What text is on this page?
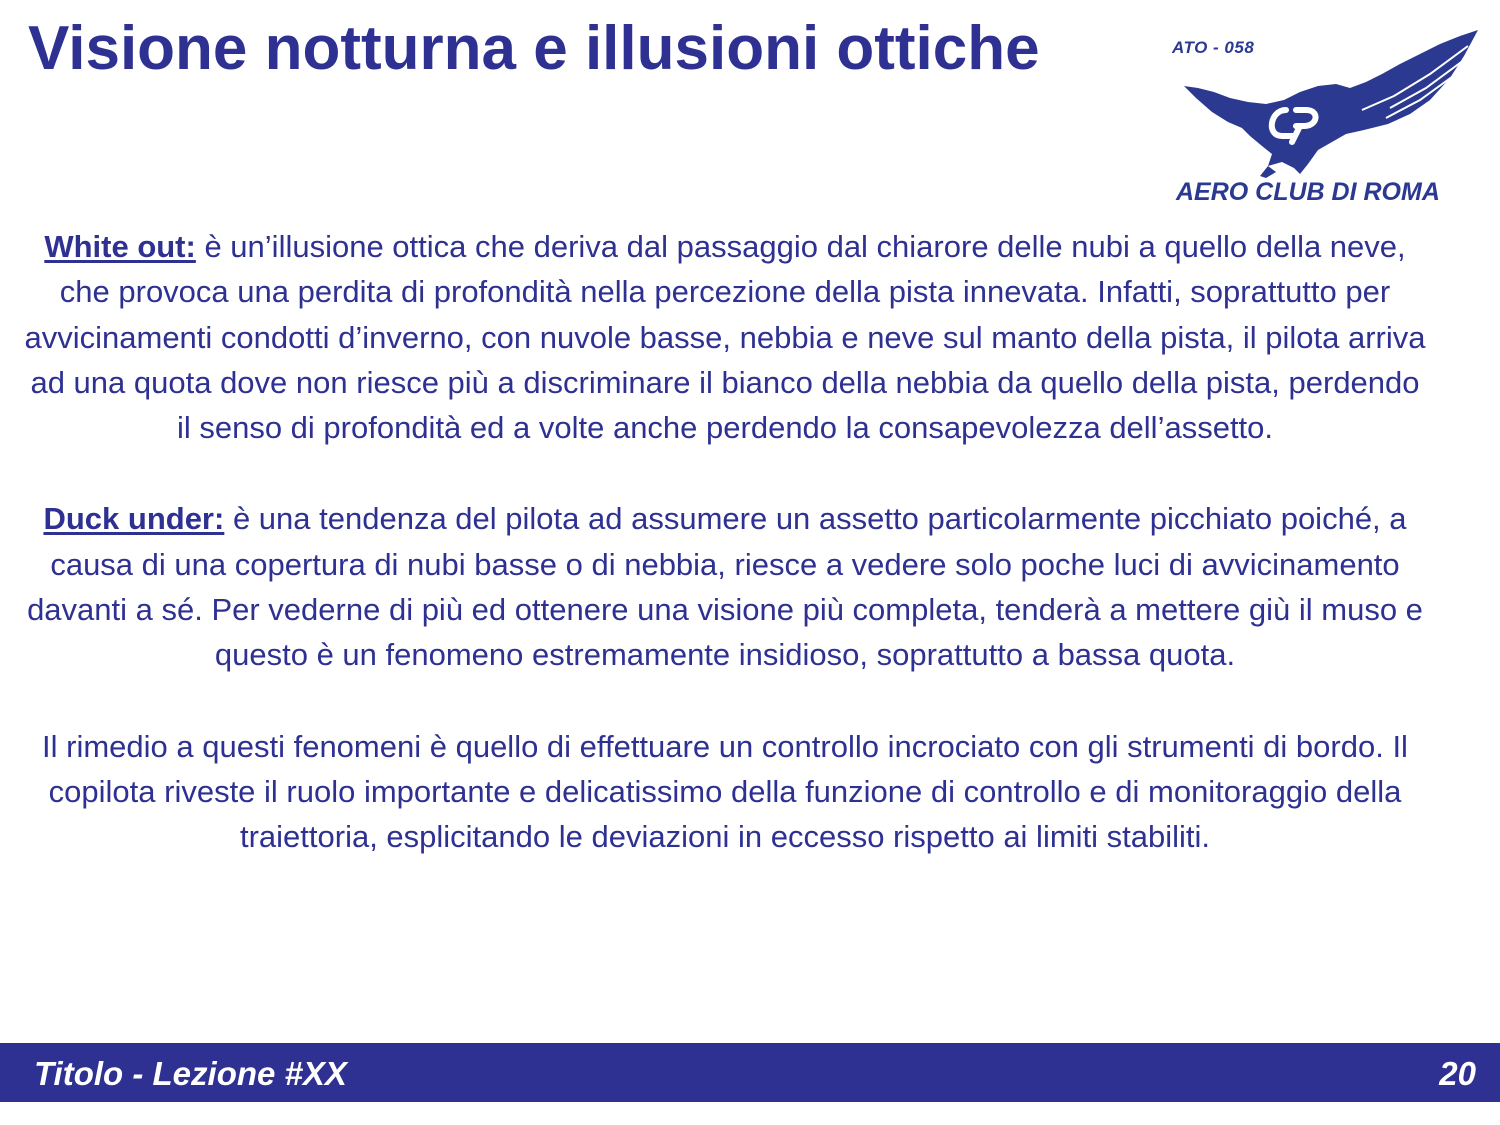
Visione notturna e illusioni ottiche	ATO - 058
AERO CLUB DI ROMA

White out: è un’illusione ottica che deriva dal passaggio dal chiarore delle nubi a quello della neve, che provoca una perdita di profondità nella percezione della pista innevata. Infatti, soprattutto per avvicinamenti condotti d’inverno, con nuvole basse, nebbia e neve sul manto della pista, il pilota arriva ad una quota dove non riesce più a discriminare il bianco della nebbia da quello della pista, perdendo il senso di profondità ed a volte anche perdendo la consapevolezza dell’assetto.

Duck under: è una tendenza del pilota ad assumere un assetto particolarmente picchiato poiché, a causa di una copertura di nubi basse o di nebbia, riesce a vedere solo poche luci di avvicinamento davanti a sé. Per vederne di più ed ottenere una visione più completa, tenderà a mettere giù il muso e questo è un fenomeno estremamente insidioso, soprattutto a bassa quota.

Il rimedio a questi fenomeni è quello di effettuare un controllo incrociato con gli strumenti di bordo. Il copilota riveste il ruolo importante e delicatissimo della funzione di controllo e di monitoraggio della traiettoria, esplicitando le deviazioni in eccesso rispetto ai limiti stabiliti.

Titolo - Lezione #XX	20
